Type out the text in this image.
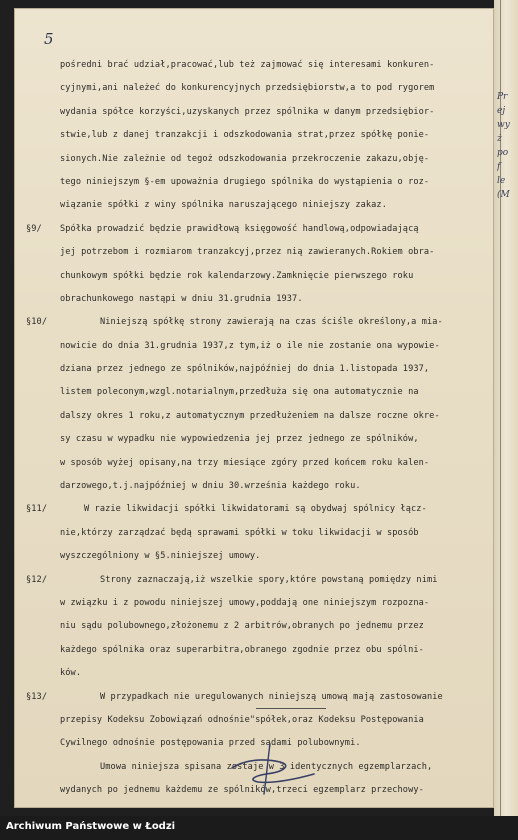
5
pośredni brać udział,pracować,lub też zajmować się interesami konkuren-
cyjnymi,ani należeć do konkurencyjnych przedsiębiorstw,a to pod rygorem
wydania spółce korzyści,uzyskanych przez spólnika w danym przedsiębior-
stwie,lub z danej tranzakcji i odszkodowania strat,przez spółkę ponie-
sionych.Nie zależnie od tegoż odszkodowania przekroczenie zakazu,obję-
tego niniejszym §-em upoważnia drugiego spólnika do wystąpienia o roz-
wiązanie spółki z winy spólnika naruszającego niniejszy zakaz.
§9/ Spółka prowadzić będzie prawidłową księgowość handlową,odpowiadającą
jej potrzebom i rozmiarom tranzakcyj,przez nią zawieranych.Rokiem obra-
chunkowym spółki będzie rok kalendarzowy.Zamknięcie pierwszego roku
obrachunkowego nastąpi w dniu 31.grudnia 1937.
§10/	Niniejszą spółkę strony zawierają na czas ściśle określony,a mia-
nowicie do dnia 31.grudnia 1937,z tym,iż o ile nie zostanie ona wypowie-
dziana przez jednego ze spólników,najpóźniej do dnia 1.listopada 1937,
listem poleconym,wzgl.notarialnym,przedłuża się ona automatycznie na
dalszy okres 1 roku,z automatycznym przedłużeniem na dalsze roczne okre-
sy czasu w wypadku nie wypowiedzenia jej przez jednego ze spólników,
w sposób wyżej opisany,na trzy miesiące zgóry przed końcem roku kalen-
darzowego,t.j.najpóźniej w dniu 30.września każdego roku.
§11/	W razie likwidacji spółki likwidatorami są obydwaj spólnicy łącz-
nie,którzy zarządzać będą sprawami spółki w toku likwidacji w sposób
wyszczególniony w §5.niniejszej umowy.
§12/	Strony zaznaczają,iż wszelkie spory,które powstaną pomiędzy nimi
w związku i z powodu niniejszej umowy,poddają one niniejszym rozpozna-
niu sądu polubownego,złożonemu z 2 arbitrów,obranych po jednemu przez
każdego spólnika oraz superarbitra,obranego zgodnie przez obu spólni-
ków.
§13/	W przypadkach nie uregulowanych niniejszą umową mają zastosowanie
przepisy Kodeksu Zobowiązań odnośnie"spółek,oraz Kodeksu Postępowania
Cywilnego odnośnie postępowania przed sądami polubownymi.
Umowa niniejsza spisana zostaje w 3 identycznych egzemplarzach,
wydanych po jednemu każdemu ze spólników,trzeci egzemplarz przechowy-
Pr
ej
wy
ż
po
f
le
(M
Archiwum Państwowe w Łodzi
